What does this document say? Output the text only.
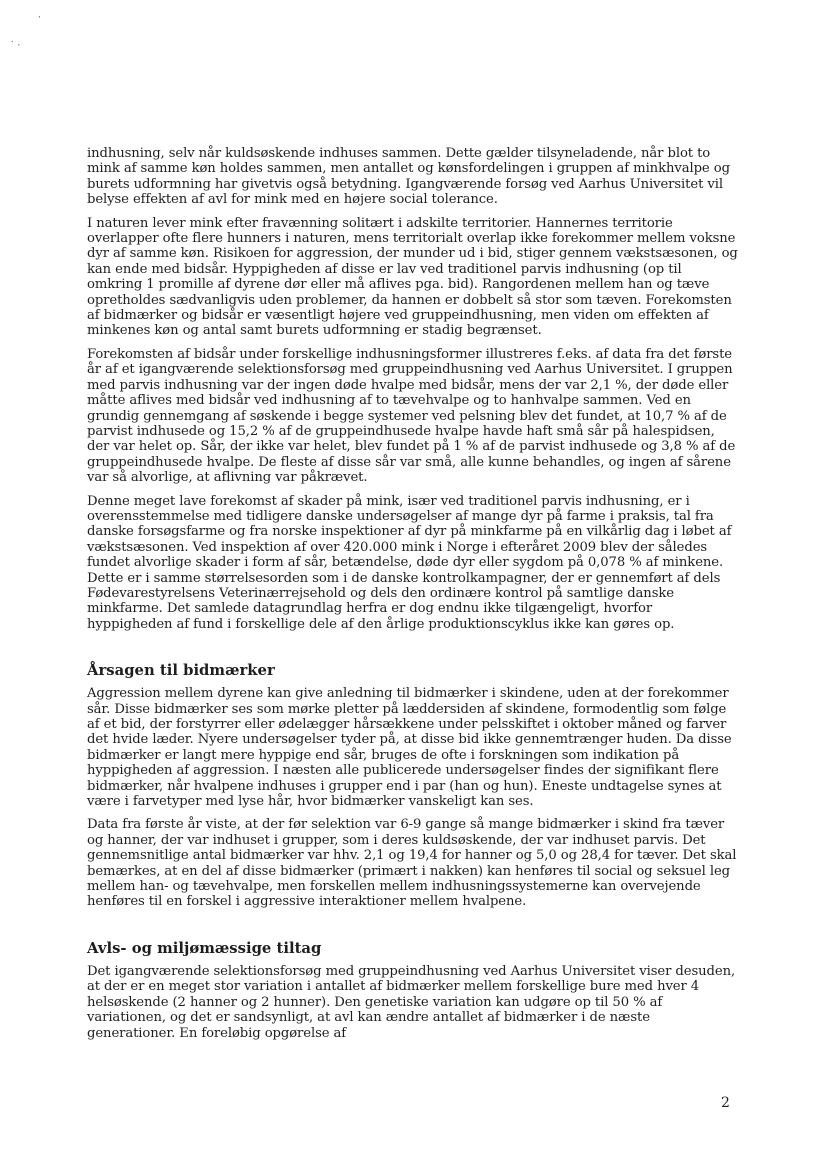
·
˙ ·

indhusning, selv når kuldsøskende indhuses sammen. Dette gælder tilsyneladende, når blot to mink af samme køn holdes sammen, men antallet og kønsfordelingen i gruppen af minkhvalpe og burets udformning har givetvis også betydning. Igangværende forsøg ved Aarhus Universitet vil belyse effekten af avl for mink med en højere social tolerance.

I naturen lever mink efter fravænning solitært i adskilte territorier. Hannernes territorie overlapper ofte flere hunners i naturen, mens territorialt overlap ikke forekommer mellem voksne dyr af samme køn. Risikoen for aggression, der munder ud i bid, stiger gennem vækstsæsonen, og kan ende med bidsår. Hyppigheden af disse er lav ved traditionel parvis indhusning (op til omkring 1 promille af dyrene dør eller må aflives pga. bid). Rangordenen mellem han og tæve opretholdes sædvanligvis uden problemer, da hannen er dobbelt så stor som tæven. Forekomsten af bidmærker og bidsår er væsentligt højere ved gruppeindhusning, men viden om effekten af minkenes køn og antal samt burets udformning er stadig begrænset.

Forekomsten af bidsår under forskellige indhusningsformer illustreres f.eks. af data fra det første år af et igangværende selektionsforsøg med gruppeindhusning ved Aarhus Universitet. I gruppen med parvis indhusning var der ingen døde hvalpe med bidsår, mens der var 2,1 %, der døde eller måtte aflives med bidsår ved indhusning af to tævehvalpe og to hanhvalpe sammen. Ved en grundig gennemgang af søskende i begge systemer ved pelsning blev det fundet, at 10,7 % af de parvist indhusede og 15,2 % af de gruppeindhusede hvalpe havde haft små sår på halespidsen, der var helet op. Sår, der ikke var helet, blev fundet på 1 % af de parvist indhusede og 3,8 % af de gruppeindhusede hvalpe. De fleste af disse sår var små, alle kunne behandles, og ingen af sårene var så alvorlige, at aflivning var påkrævet.

Denne meget lave forekomst af skader på mink, især ved traditionel parvis indhusning, er i overensstemmelse med tidligere danske undersøgelser af mange dyr på farme i praksis, tal fra danske forsøgsfarme og fra norske inspektioner af dyr på minkfarme på en vilkårlig dag i løbet af vækstsæsonen. Ved inspektion af over 420.000 mink i Norge i efteråret 2009 blev der således fundet alvorlige skader i form af sår, betændelse, døde dyr eller sygdom på 0,078 % af minkene. Dette er i samme størrelsesorden som i de danske kontrolkampagner, der er gennemført af dels Fødevarestyrelsens Veterinærrejsehold og dels den ordinære kontrol på samtlige danske minkfarme. Det samlede datagrundlag herfra er dog endnu ikke tilgængeligt, hvorfor hyppigheden af fund i forskellige dele af den årlige produktionscyklus ikke kan gøres op.

Årsagen til bidmærker

Aggression mellem dyrene kan give anledning til bidmærker i skindene, uden at der forekommer sår. Disse bidmærker ses som mørke pletter på læddersiden af skindene, formodentlig som følge af et bid, der forstyrrer eller ødelægger hårsækkene under pelsskiftet i oktober måned og farver det hvide læder. Nyere undersøgelser tyder på, at disse bid ikke gennemtrænger huden. Da disse bidmærker er langt mere hyppige end sår, bruges de ofte i forskningen som indikation på hyppigheden af aggression. I næsten alle publicerede undersøgelser findes der signifikant flere bidmærker, når hvalpene indhuses i grupper end i par (han og hun). Eneste undtagelse synes at være i farvetyper med lyse hår, hvor bidmærker vanskeligt kan ses.

Data fra første år viste, at der før selektion var 6-9 gange så mange bidmærker i skind fra tæver og hanner, der var indhuset i grupper, som i deres kuldsøskende, der var indhuset parvis. Det gennemsnitlige antal bidmærker var hhv. 2,1 og 19,4 for hanner og 5,0 og 28,4 for tæver. Det skal bemærkes, at en del af disse bidmærker (primært i nakken) kan henføres til social og seksuel leg mellem han- og tævehvalpe, men forskellen mellem indhusningssystemerne kan overvejende henføres til en forskel i aggressive interaktioner mellem hvalpene.

Avls- og miljømæssige tiltag

Det igangværende selektionsforsøg med gruppeindhusning ved Aarhus Universitet viser desuden, at der er en meget stor variation i antallet af bidmærker mellem forskellige bure med hver 4 helsøskende (2 hanner og 2 hunner). Den genetiske variation kan udgøre op til 50 % af variationen, og det er sandsynligt, at avl kan ændre antallet af bidmærker i de næste generationer. En foreløbig opgørelse af

2
